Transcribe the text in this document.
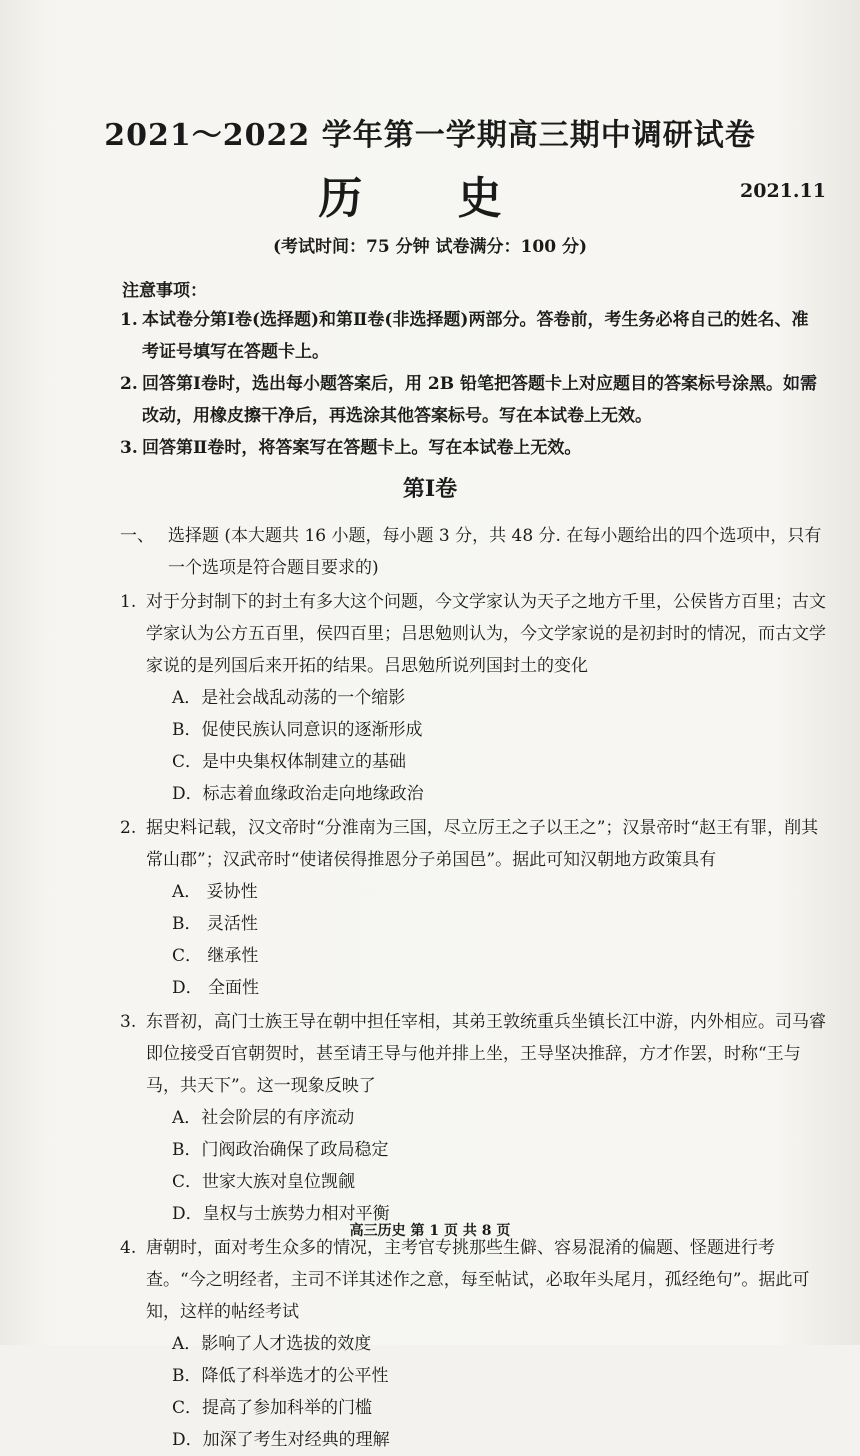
2021～2022 学年第一学期高三期中调研试卷
历 史	2021.11
(考试时间：75 分钟 试卷满分：100 分)
注意事项：
1. 本试卷分第Ⅰ卷(选择题)和第Ⅱ卷(非选择题)两部分。答卷前，考生务必将自己的姓名、准考证号填写在答题卡上。
2. 回答第Ⅰ卷时，选出每小题答案后，用 2B 铅笔把答题卡上对应题目的答案标号涂黑。如需改动，用橡皮擦干净后，再选涂其他答案标号。写在本试卷上无效。
3. 回答第Ⅱ卷时，将答案写在答题卡上。写在本试卷上无效。
第Ⅰ卷
一、 选择题 (本大题共 16 小题，每小题 3 分，共 48 分. 在每小题给出的四个选项中，只有一个选项是符合题目要求的)
1. 对于分封制下的封土有多大这个问题，今文学家认为天子之地方千里，公侯皆方百里；古文学家认为公方五百里，侯四百里；吕思勉则认为，今文学家说的是初封时的情况，而古文学家说的是列国后来开拓的结果。吕思勉所说列国封土的变化
A．是社会战乱动荡的一个缩影
B．促使民族认同意识的逐渐形成
C．是中央集权体制建立的基础
D．标志着血缘政治走向地缘政治
2. 据史料记载，汉文帝时“分淮南为三国，尽立厉王之子以王之”；汉景帝时“赵王有罪，削其常山郡”；汉武帝时“使诸侯得推恩分子弟国邑”。据此可知汉朝地方政策具有
A． 妥协性
B． 灵活性
C． 继承性
D． 全面性
3. 东晋初，高门士族王导在朝中担任宰相，其弟王敦统重兵坐镇长江中游，内外相应。司马睿即位接受百官朝贺时，甚至请王导与他并排上坐，王导坚决推辞，方才作罢，时称“王与马，共天下”。这一现象反映了
A．社会阶层的有序流动
B．门阀政治确保了政局稳定
C．世家大族对皇位觊觎
D．皇权与士族势力相对平衡
4. 唐朝时，面对考生众多的情况，主考官专挑那些生僻、容易混淆的偏题、怪题进行考查。“今之明经者，主司不详其述作之意，每至帖试，必取年头尾月，孤经绝句”。据此可知，这样的帖经考试
A．影响了人才选拔的效度
B．降低了科举选才的公平性
C．提高了参加科举的门槛
D．加深了考生对经典的理解
高三历史 第 1 页 共 8 页
